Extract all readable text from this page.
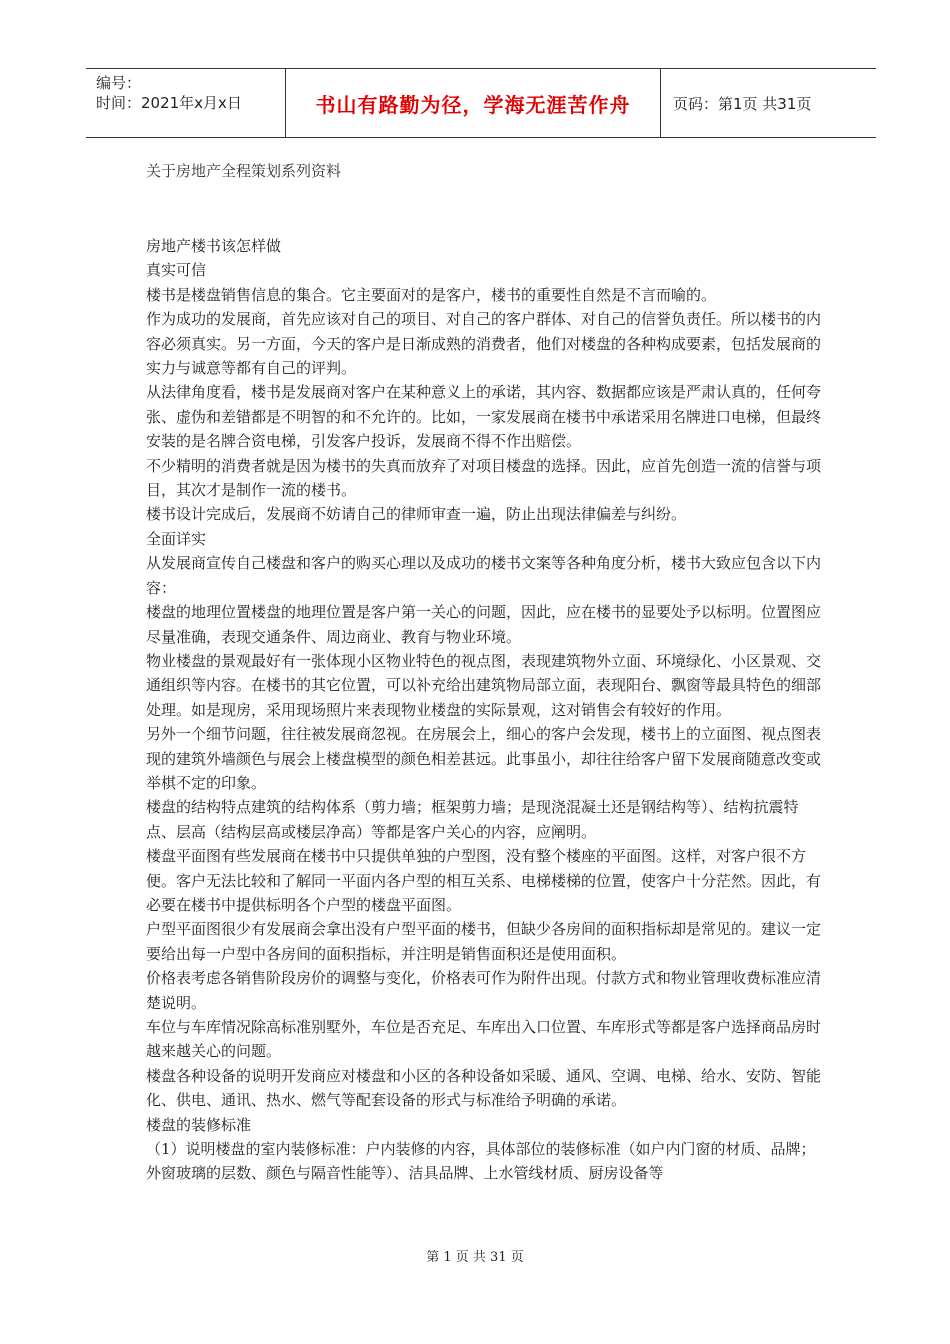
编号：
时间：2021年x月x日	书山有路勤为径，学海无涯苦作舟	页码：第1页 共31页
关于房地产全程策划系列资料

房地产楼书该怎样做

真实可信

楼书是楼盘销售信息的集合。它主要面对的是客户，楼书的重要性自然是不言而喻的。

作为成功的发展商，首先应该对自己的项目、对自己的客户群体、对自己的信誉负责任。所以楼书的内容必须真实。另一方面，今天的客户是日渐成熟的消费者，他们对楼盘的各种构成要素，包括发展商的实力与诚意等都有自己的评判。

从法律角度看，楼书是发展商对客户在某种意义上的承诺，其内容、数据都应该是严肃认真的，任何夸张、虚伪和差错都是不明智的和不允许的。比如，一家发展商在楼书中承诺采用名牌进口电梯，但最终安装的是名牌合资电梯，引发客户投诉，发展商不得不作出赔偿。

不少精明的消费者就是因为楼书的失真而放弃了对项目楼盘的选择。因此，应首先创造一流的信誉与项目，其次才是制作一流的楼书。

楼书设计完成后，发展商不妨请自己的律师审查一遍，防止出现法律偏差与纠纷。

全面详实

从发展商宣传自己楼盘和客户的购买心理以及成功的楼书文案等各种角度分析，楼书大致应包含以下内容：

楼盘的地理位置楼盘的地理位置是客户第一关心的问题，因此，应在楼书的显要处予以标明。位置图应尽量准确，表现交通条件、周边商业、教育与物业环境。

物业楼盘的景观最好有一张体现小区物业特色的视点图，表现建筑物外立面、环境绿化、小区景观、交通组织等内容。在楼书的其它位置，可以补充给出建筑物局部立面，表现阳台、飘窗等最具特色的细部处理。如是现房，采用现场照片来表现物业楼盘的实际景观，这对销售会有较好的作用。

另外一个细节问题，往往被发展商忽视。在房展会上，细心的客户会发现，楼书上的立面图、视点图表现的建筑外墙颜色与展会上楼盘模型的颜色相差甚远。此事虽小，却往往给客户留下发展商随意改变或举棋不定的印象。

楼盘的结构特点建筑的结构体系（剪力墙；框架剪力墙；是现浇混凝土还是钢结构等）、结构抗震特点、层高（结构层高或楼层净高）等都是客户关心的内容，应阐明。

楼盘平面图有些发展商在楼书中只提供单独的户型图，没有整个楼座的平面图。这样，对客户很不方便。客户无法比较和了解同一平面内各户型的相互关系、电梯楼梯的位置，使客户十分茫然。因此，有必要在楼书中提供标明各个户型的楼盘平面图。

户型平面图很少有发展商会拿出没有户型平面的楼书，但缺少各房间的面积指标却是常见的。建议一定要给出每一户型中各房间的面积指标，并注明是销售面积还是使用面积。

价格表考虑各销售阶段房价的调整与变化，价格表可作为附件出现。付款方式和物业管理收费标准应清楚说明。

车位与车库情况除高标准别墅外，车位是否充足、车库出入口位置、车库形式等都是客户选择商品房时越来越关心的问题。

楼盘各种设备的说明开发商应对楼盘和小区的各种设备如采暖、通风、空调、电梯、给水、安防、智能化、供电、通讯、热水、燃气等配套设备的形式与标准给予明确的承诺。

楼盘的装修标准

（1）说明楼盘的室内装修标准：户内装修的内容，具体部位的装修标准（如户内门窗的材质、品牌；外窗玻璃的层数、颜色与隔音性能等）、洁具品牌、上水管线材质、厨房设备等

第 1 页 共 31 页
